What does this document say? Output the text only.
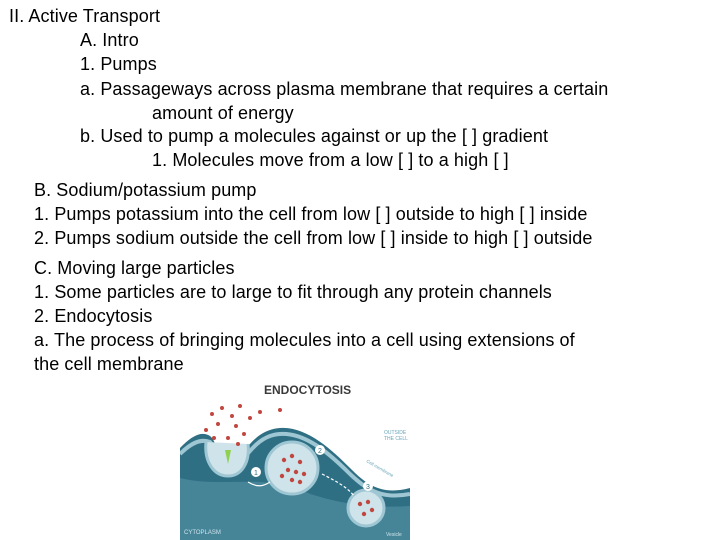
II. Active Transport
A. Intro
1. Pumps
a. Passageways across plasma membrane that requires a certain
amount of energy
b. Used to pump a molecules against or up the [ ] gradient
1. Molecules move from a low [ ] to a high [ ]
B. Sodium/potassium pump
1. Pumps potassium into the cell from low [ ] outside to high [ ] inside
2. Pumps sodium outside the cell from low [ ] inside to high [ ] outside
C. Moving large particles
1. Some particles are to large to fit through any protein channels
2. Endocytosis
a. The process of bringing molecules into a cell using extensions of
the cell membrane
ENDOCYTOSIS
1
2
3
OUTSIDE
THE CELL
Cell membrane
CYTOPLASM	Vesicle
